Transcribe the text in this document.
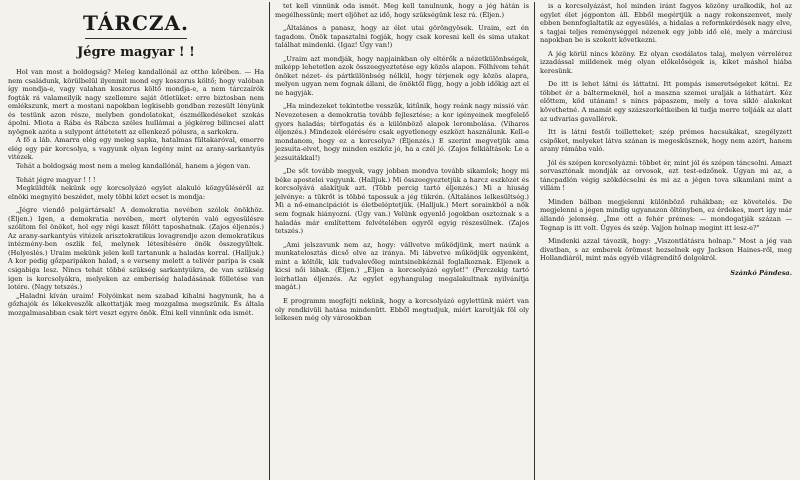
TÁRCZA.
Jégre magyar ! !

Hol van most a boldogság? Meleg kandallónál az ottho kőrében. — Ha nem családunk, körülbelül ilyenmit mond egy koszorus költő; hogy valóban így mondja-e, vagy valahan koszorus költő mondja-e, a nem tárczaírók fogták rá valameilyik nagy szellemre saját ötletüket: erre biztosban nem emlékszunk, mert a mostani napokban legkisebb gondban rezesült lényünk és testünk azon része, melyben gondolatokat, észmélkedéseket szokás ápolni. Miota a Rába és Rábcza széles hullámai a jégkéreg bilincsei alatt nyögnek azóta a sulypont áttétetett az ellenkező pólusra, a sarkokra.

A fő a láb. Amarra elég egy meleg sapka, hatalmas fültakaróval, emerre elég egy pár korcsolya, s vagyunk olyan legény mint az arany-sarkantyús vitézek.

Tehát a boldogság most nem a meleg kandallónál, hanem a jégen van.

Tehát jégre magyar ! ! !

Megküldték nekünk egy korcsolyázó egylet alakuló közgyűléséről az elnöki megnyitó beszédet, mely többi közt ecset is mondja:

„Jégre viendő polgártársak! A demokratia nevében szólok önökhöz. (Éljen.) Igen, a demokratia nevében, mert olyterén való egyesülésre szólítom fel önöket, hol egy régi kaszt főlött taposhatnak. (Zajos éljenzés.) Az arany-sarkantyús vitézek arisztokratikus lovagrendje azon demokratikus intézmény-ben oszlik fel, melynek létesítésére önök összegyűltek. (Helyeslés.) Uraim mekünk jelen kell tartanunk a haladás korral. (Halljuk.) A kor pedig gőzparipákon halad, s e verseny melett a telivér paripa is csak csigabiga lesz. Nincs tehát többé szükség sarkantyúkra, de van szükség igen is korcsolyákra, melyeken az emberiség haladásának fölletése van lotére. (Nagy tetszés.)

„Haladni kíván uraim! Folyóinkat nem szabad kihalni hagynunk, ha a gőzhajók és lékekveszők alkottatják meg mozgalma megszünik. És általa mozgalmasabban csak tért veszt egyre önök. Élni kell vinnünk oda ismét.

tet kell vinnünk oda ismét. Meg kell tanulnunk, hogy a jég hátán is megélhessünk; mert eljöhet az idő, hogy szükségünk lesz rá. (Éljen.)

„Általános a panasz, hogy az élet utai göröngyösek. Uraim, ezt én tagadom. Önök tapasztalni fogják, hogy csak koresni kell és sima utakat találhat mindenki. (Igaz! Úgy van!)

„Uraim azt mondják, hogy napjainkban oly eltérők a nézetkülönbségek, miképp lehetetlen azok összeegyeztetése egy közös alapon. Fölhívom tehát önöket nézet- és pártkülönbség nélkül, hogy térjenek egy közös alapra, melyen ugyan nem fognak állani, de önöktől függ, hogy a jobb időkig azt el ne hagyják.

„Ha mindezeket tekintetbe vesszük, kitűnik, hogy reánk nagy missió vár. Nevezetesen a demokratia tovább fejlesztése; a kor igényeinek megfelelő gyors haladás; térfogatás és a különböző alapok lerombolása. (Viharos éljenzés.) Mindezek elérésére csak egyetlenegy eszközt használunk. Kell-e mondanom, hogy ez a korcsolya? (Éljenzés.) E szerint megvetjük ama jezsuita-elvet, hogy minden eszköz jó, ha a czél jó. (Zajos felkiáltások: Le a jezsuitákkal!)

„De sőt tovább megyek, vagy jobban mondva tovább sikamlok; hogy mi béke apostelei vagyunk. (Halljuk.) Mi összeegyeztetjük a harcz eszközét és korcsolyává alakítjuk azt. (Több percig tartó éljenzés.) Mi a hiuság jelvénye: a tükrőt is többé tapossuk a jég tükrén. (Általános lelkesültség.) Mi a nő-emancipációt is életbeléptetjük. (Halljuk.) Mert sorainkból a nők sem fognak hiányozni. (Úgy van.) Velünk egyenlő jogokban osztoznak s a haladás már említettem felvételében egyről egyig részesülnek. (Zajos tetszés.)

„Ami jelszavunk nem az, hogy: vállvetve működjünk, mert naúnk a munkatelosztás dicső elve az iránya. Mi lábvetve működjük egyenként, mint a költők, kik tudvalevőleg mintsinebkéznál foglalkoznak. Éljenek a kicsi női lábak. (Éljen.) „Éljen a korcsolyázó egylet!" (Perczekig tartó leirhatlan éljenzés. Az egylet egyhangulag megalakultnak nyilvánítja magát.)

E programm megfejti nekünk, hogy a korcsolyázó egylettünk miért van oly rendkivüli hatása mindenütt. Ebből megtudjuk, miért karoltják föl oly lelkesen még oly városokban

is a korcsolyázást, hol minden iránt fagyos közöny uralkodik, hol az egylet élet jégponton áll. Ebből megértjük a nagy rokonszenvet, mely ebben bennfoglaltatik az egyesülés, a hidalas a reformkérdések nagy elve, s tagjai teljes reménységgel nézenek egy jobb idő elé, mely a márciusi napokban be is szokott következni.

A jég körül nincs közöny. Ez olyan csodálatos talaj, melyen vérrelérez izzadással miildenek még olyan előkelőségek is, kiket máshol hiába keresünk.

De itt is lehet látni és láttatni. Itt pompás ismeretségeket kötni. Ez többet ér a báltermeknél, hol a maszna szemei uralják a láthatárt. Kéz előttem, köd utánam! s nincs pápaszem, mely a tova sikló alakokat követhetné. A mamát egy százszorkétkeiben ki tudja merre toljáák az alatt az udvarias gavallérok.

Itt is látni festői toilletteket; szép prémes hacsukákat, szegélyzett csipőket, melyeket látva szánan is megeskűsznek, hogy nem azért, hanem arany rámába való.

Jól és szépen korcsolyázni: többet ér, mint jól és szépen táncsolni. Amazt sorvasztónak mondják az orvosok, ezt test-edzőnek. Ugyan mi az, a táncpadlón végig szökdécselni és mi az a jégen tova sikamlani mint a villám !

Minden bálban megjelenni különböző ruhákban; ez követelés. De megjelenni a jégen mindig ugyanazon öltönyben, ez érdekes, mert így már állandó jelenség. „Íme ott a fehér prémes: — mondogatják százan — Tegnap is itt volt. Ügyes és szép. Vajjon holnap megint itt lesz-e?"

Mindenki azzal távozik, hogy: „Viszontlátásra holnap." Most a jég van divatban, s az emberek örömest hezselnek egy Jackson Haines-ről, meg Hollandiáról, mint más egyéb világrendítő dolgokról.

Szánkó Pándesa.
